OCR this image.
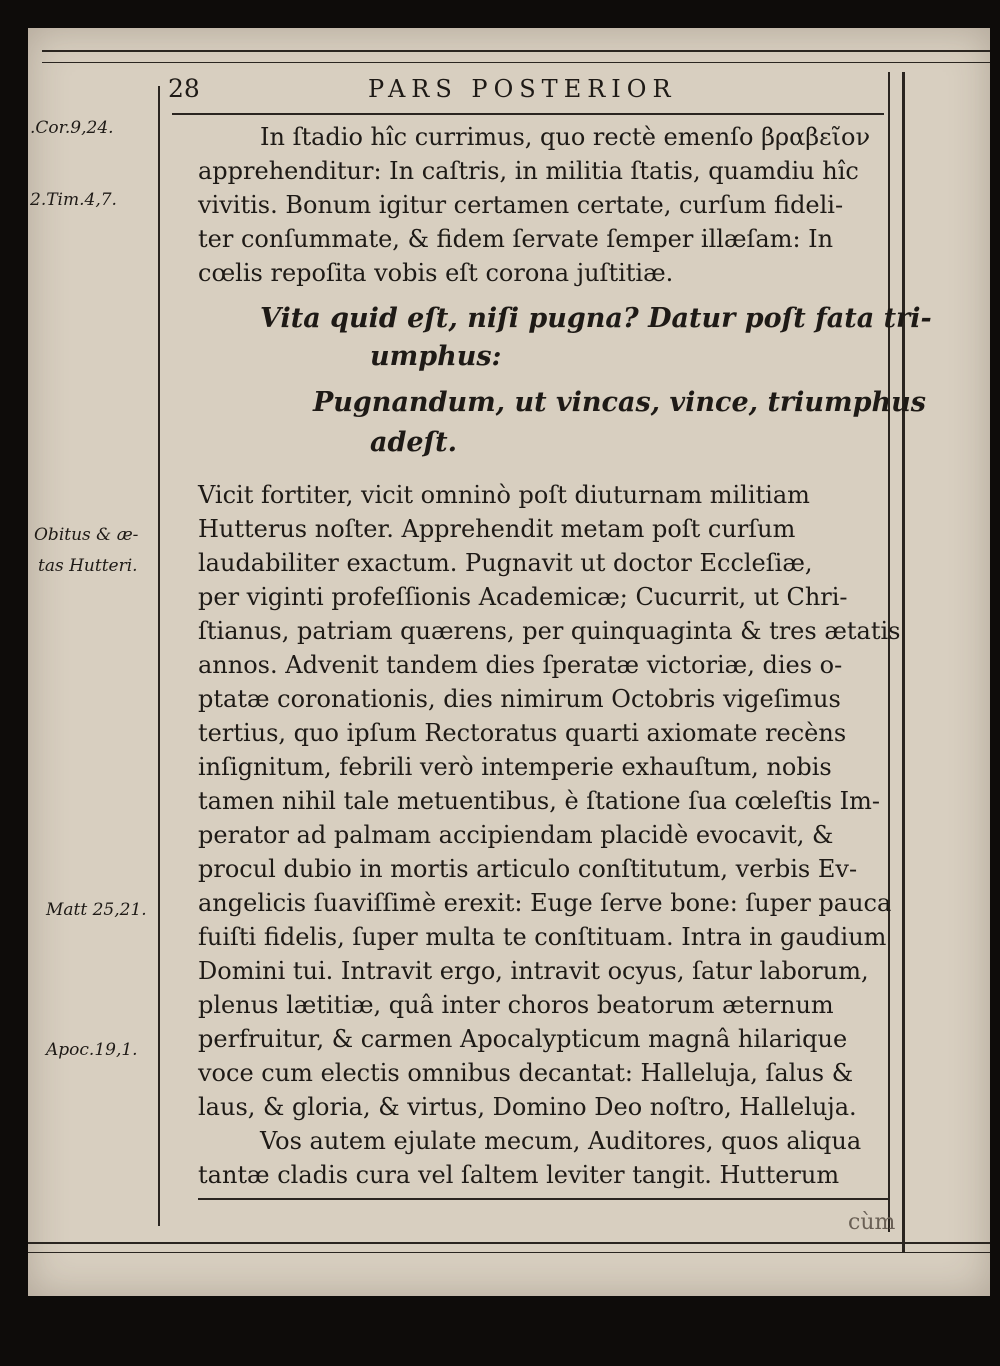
28	PARS POSTERIOR
.Cor.9,24.
2.Tim.4,7.
Obitus & æ-
tas Hutteri.
Matt 25,21.
Apoc.19,1.
In ſtadio hîc currimus, quo rectè emenſo βραβεῖον
apprehenditur: In caſtris, in militia ſtatis, quamdiu hîc
vivitis. Bonum igitur certamen certate, curſum fideli-
ter conſummate, & fidem ſervate ſemper illæſam: In
cœlis repoſita vobis eſt corona juſtitiæ.
Vita quid eſt, niſi pugna? Datur poſt fata tri-
umphus:
Pugnandum, ut vincas, vince, triumphus
adeſt.
Vicit fortiter, vicit omninò poſt diuturnam militiam
Hutterus noſter. Apprehendit metam poſt curſum
laudabiliter exactum. Pugnavit ut doctor Eccleſiæ,
per viginti profeſſionis Academicæ; Cucurrit, ut Chri-
ſtianus, patriam quærens, per quinquaginta & tres ætatis
annos. Advenit tandem dies ſperatæ victoriæ, dies o-
ptatæ coronationis, dies nimirum Octobris vigeſimus
tertius, quo ipſum Rectoratus quarti axiomate recèns
inſignitum, febrili verò intemperie exhauſtum, nobis
tamen nihil tale metuentibus, è ſtatione ſua cœleſtis Im-
perator ad palmam accipiendam placidè evocavit, &
procul dubio in mortis articulo conſtitutum, verbis Ev-
angelicis ſuaviſſimè erexit: Euge ſerve bone: ſuper pauca
fuiſti fidelis, ſuper multa te conſtituam. Intra in gaudium
Domini tui. Intravit ergo, intravit ocyus, ſatur laborum,
plenus lætitiæ, quâ inter choros beatorum æternum
perfruitur, & carmen Apocalypticum magnâ hilarique
voce cum electis omnibus decantat: Halleluja, ſalus &
laus, & gloria, & virtus, Domino Deo noſtro, Halleluja.
Vos autem ejulate mecum, Auditores, quos aliqua
tantæ cladis cura vel ſaltem leviter tangit. Hutterum
cùm
